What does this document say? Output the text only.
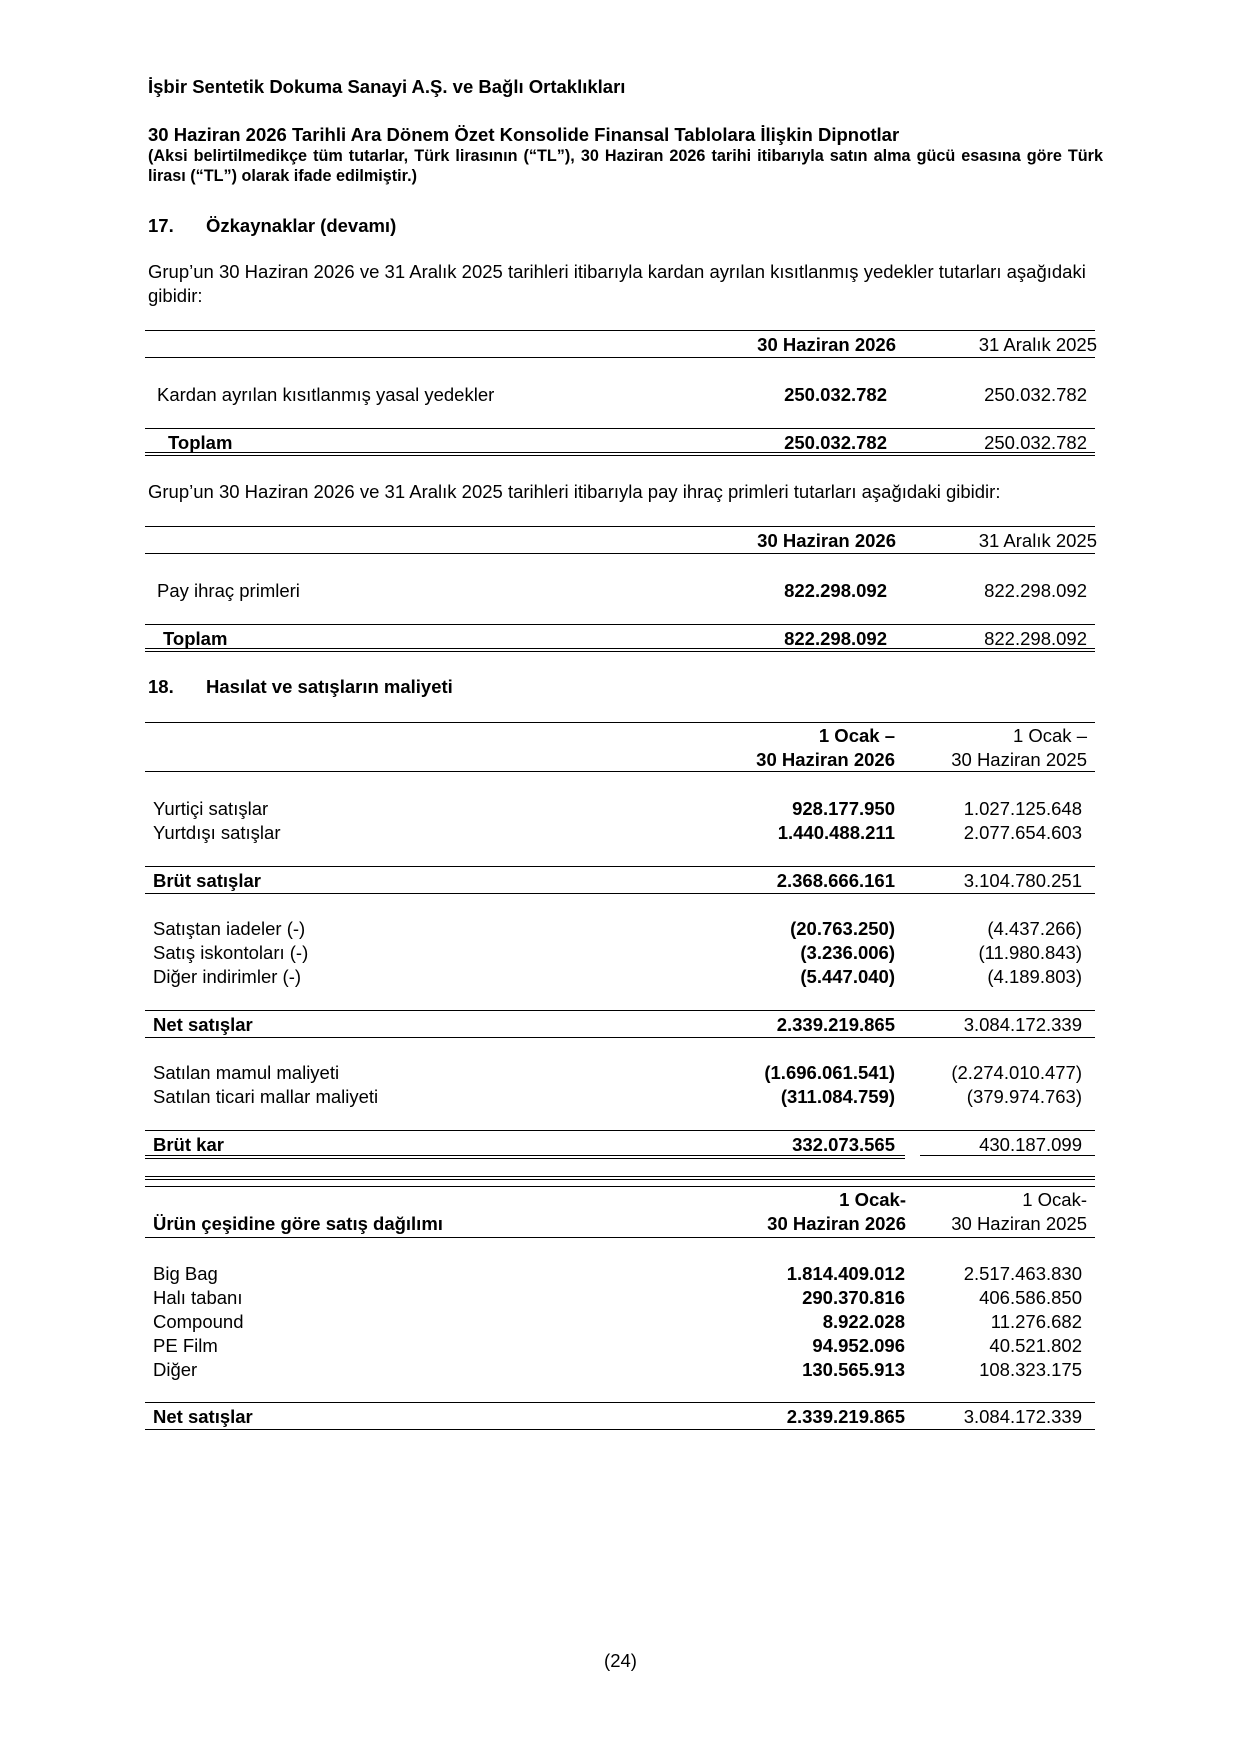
İşbir Sentetik Dokuma Sanayi A.Ş. ve Bağlı Ortaklıkları
30 Haziran 2026 Tarihli Ara Dönem Özet Konsolide Finansal Tablolara İlişkin Dipnotlar
(Aksi belirtilmedikçe tüm tutarlar, Türk lirasının (“TL”), 30 Haziran 2026 tarihi itibarıyla satın alma gücü esasına göre Türk lirası (“TL”) olarak ifade edilmiştir.)
17. Özkaynaklar (devamı)
Grup’un 30 Haziran 2026 ve 31 Aralık 2025 tarihleri itibarıyla kardan ayrılan kısıtlanmış yedekler tutarları aşağıdaki gibidir:
30 Haziran 2026	31 Aralık 2025
Kardan ayrılan kısıtlanmış yasal yedekler	250.032.782	250.032.782
Toplam	250.032.782	250.032.782
Grup’un 30 Haziran 2026 ve 31 Aralık 2025 tarihleri itibarıyla pay ihraç primleri tutarları aşağıdaki gibidir:
30 Haziran 2026	31 Aralık 2025
Pay ihraç primleri	822.298.092	822.298.092
Toplam	822.298.092	822.298.092
18. Hasılat ve satışların maliyeti
1 Ocak –
30 Haziran 2026
1 Ocak –
30 Haziran 2025
Yurtiçi satışlar	928.177.950	1.027.125.648
Yurtdışı satışlar	1.440.488.211	2.077.654.603
Brüt satışlar	2.368.666.161	3.104.780.251
Satıştan iadeler (-)	(20.763.250)	(4.437.266)
Satış iskontoları (-)	(3.236.006)	(11.980.843)
Diğer indirimler (-)	(5.447.040)	(4.189.803)
Net satışlar	2.339.219.865	3.084.172.339
Satılan mamul maliyeti	(1.696.061.541)	(2.274.010.477)
Satılan ticari mallar maliyeti	(311.084.759)	(379.974.763)
Brüt kar	332.073.565	430.187.099
1 Ocak-
30 Haziran 2026
1 Ocak-
30 Haziran 2025
Ürün çeşidine göre satış dağılımı
Big Bag	1.814.409.012	2.517.463.830
Halı tabanı	290.370.816	406.586.850
Compound	8.922.028	11.276.682
PE Film	94.952.096	40.521.802
Diğer	130.565.913	108.323.175
Net satışlar	2.339.219.865	3.084.172.339
(24)
